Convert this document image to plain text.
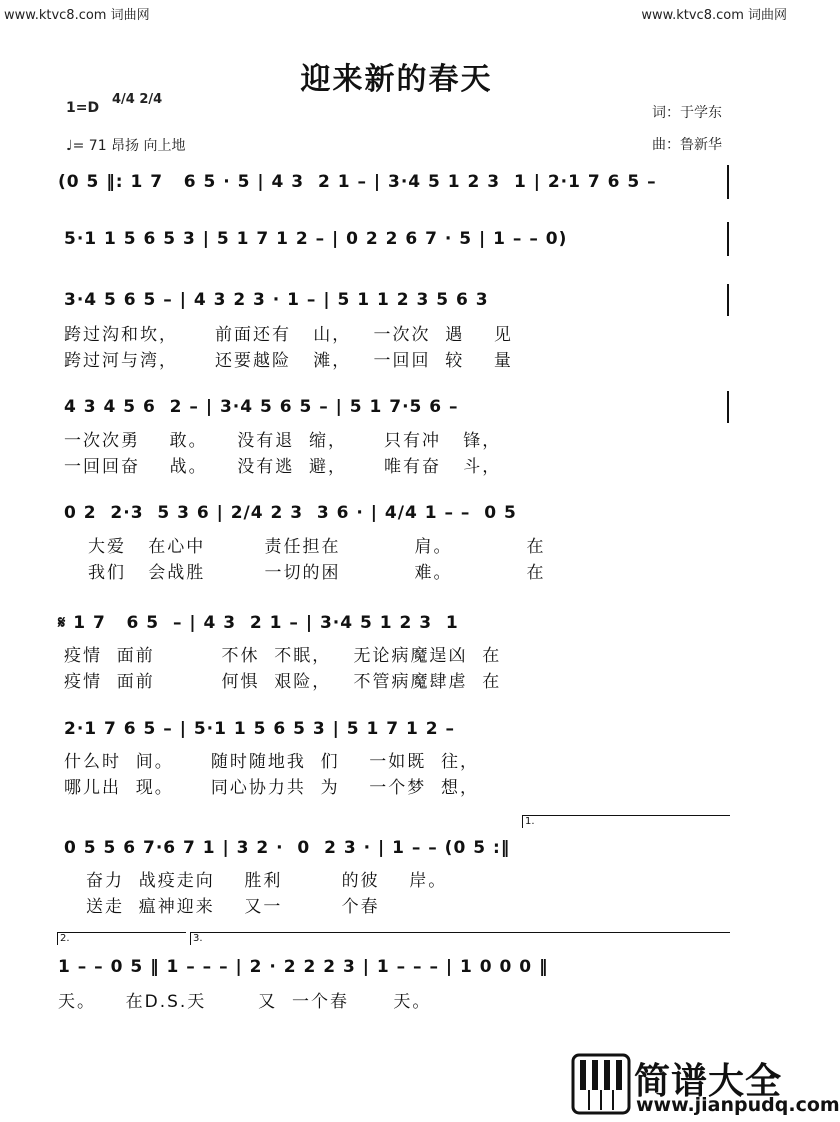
www.ktvc8.com 词曲网	www.ktvc8.com 词曲网
迎来新的春天
1=D
4/4 2/4
♩= 71 昂扬 向上地
词：于学东
曲：鲁新华
(0 5 ‖: 1 7   6 5 · 5 | 4 3  2 1 – | 3·4 5 1 2 3  1 | 2·1 7 6 5 –
5·1 1 5 6 5 3 | 5 1 7 1 2 – | 0 2 2 6 7 · 5 | 1 – – 0)
3·4 5 6 5 – | 4 3 2 3 · 1 – | 5 1 1 2 3 5 6 3
跨过沟和坎，     前面还有   山，   一次次  遇    见
跨过河与湾，     还要越险   滩，   一回回  较    量
4 3 4 5 6  2 – | 3·4 5 6 5 – | 5 1 7·5 6 –
一次次勇    敢。    没有退  缩，     只有冲   锋，
一回回奋    战。    没有逃  避，     唯有奋   斗，
0 2  2·3  5 3 6 | 2/4 2 3  3 6 · | 4/4 1 – –  0 5
大爱   在心中        责任担在          肩。          在
我们   会战胜        一切的困          难。          在
𝄋 1 7   6 5  – | 4 3  2 1 – | 3·4 5 1 2 3  1
疫情  面前         不休  不眠，   无论病魔逞凶  在
疫情  面前         何惧  艰险，   不管病魔肆虐  在
2·1 7 6 5 – | 5·1 1 5 6 5 3 | 5 1 7 1 2 –
什么时  间。     随时随地我  们    一如既  往，
哪儿出  现。     同心协力共  为    一个梦  想，
1.
0 5 5 6 7·6 7 1 | 3 2 ·  0  2 3 · | 1 – – (0 5 :‖
奋力  战疫走向    胜利        的彼    岸。
送走  瘟神迎来    又一        个春
2.	3.
1 – – 0 5 ‖ 1 – – – | 2 · 2 2 2 3 | 1 – – – | 1 0 0 0 ‖
天。    在D.S.天       又  一个春      天。
简谱大全
www.jianpudq.com
